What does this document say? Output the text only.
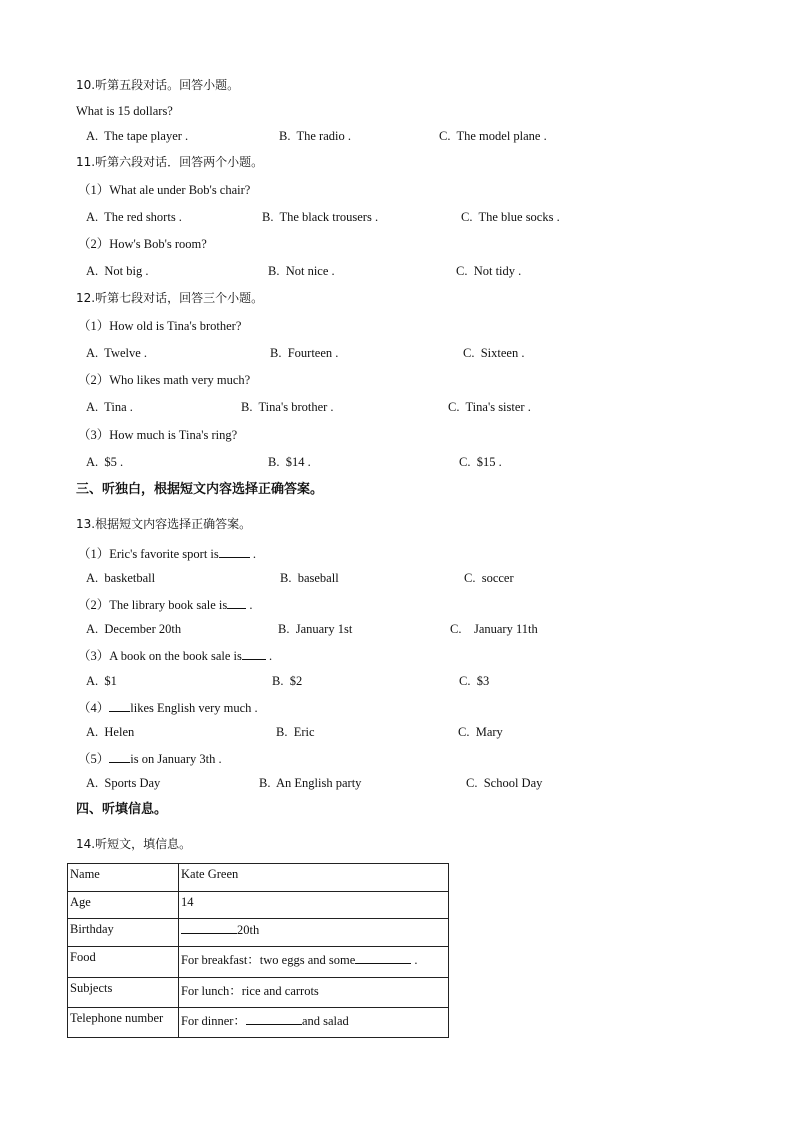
10.听第五段对话。回答小题。
What is 15 dollars?
A.  The tape player .	B.  The radio .	C.  The model plane .
11.听第六段对话．回答两个小题。
（1）What ale under Bob's chair?
A.  The red shorts .	B.  The black trousers .	C.  The blue socks .
（2）How's Bob's room?
A.  Not big .	B.  Not nice .	C.  Not tidy .
12.听第七段对话，回答三个小题。
（1）How old is Tina's brother?
A.  Twelve .	B.  Fourteen .	C.  Sixteen .
（2）Who likes math very much?
A.  Tina .	B.  Tina's brother .	C.  Tina's sister .
（3）How much is Tina's ring?
A.  $5 .	B.  $14 .	C.  $15 .
三、听独白，根据短文内容选择正确答案。
13.根据短文内容选择正确答案。
（1）Eric's favorite sport is .
A.  basketball	B.  baseball	C.  soccer
（2）The library book sale is .
A.  December 20th	B.  January 1st	C.    January 11th
（3）A book on the book sale is .
A.  $1	B.  $2	C.  $3
（4） likes English very much .
A.  Helen	B.  Eric	C.  Mary
（5） is on January 3th .
A.  Sports Day	B.  An English party	C.  School Day
四、听填信息。
14.听短文，填信息。
Name	Kate Green
Age	14
Birthday	20th
Food	For breakfast：two eggs and some .
Subjects	For lunch：rice and carrots
Telephone number	For dinner： and salad
